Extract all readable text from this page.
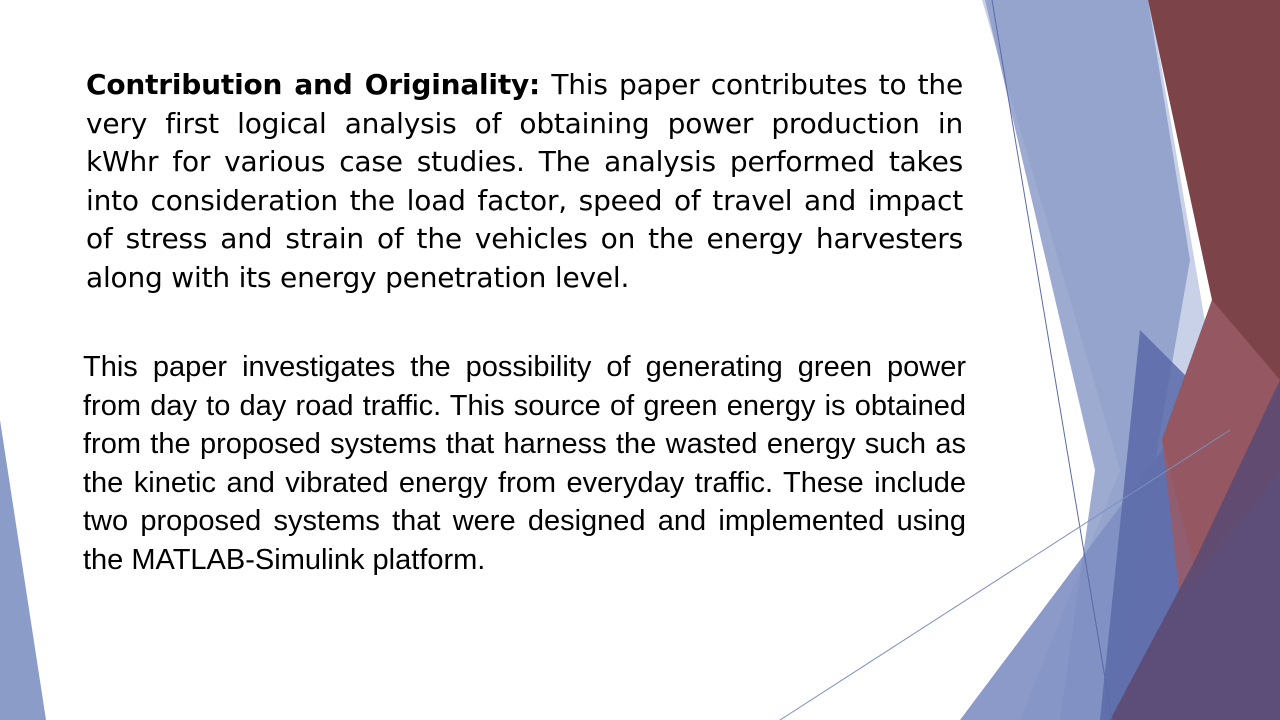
Contribution and Originality: This paper contributes to the very first logical analysis of obtaining power production in kWhr for various case studies. The analysis performed takes into consideration the load factor, speed of travel and impact of stress and strain of the vehicles on the energy harvesters along with its energy penetration level.

This paper investigates the possibility of generating green power from day to day road traffic. This source of green energy is obtained from the proposed systems that harness the wasted energy such as the kinetic and vibrated energy from everyday traffic. These include two proposed systems that were designed and implemented using the MATLAB-Simulink platform.
